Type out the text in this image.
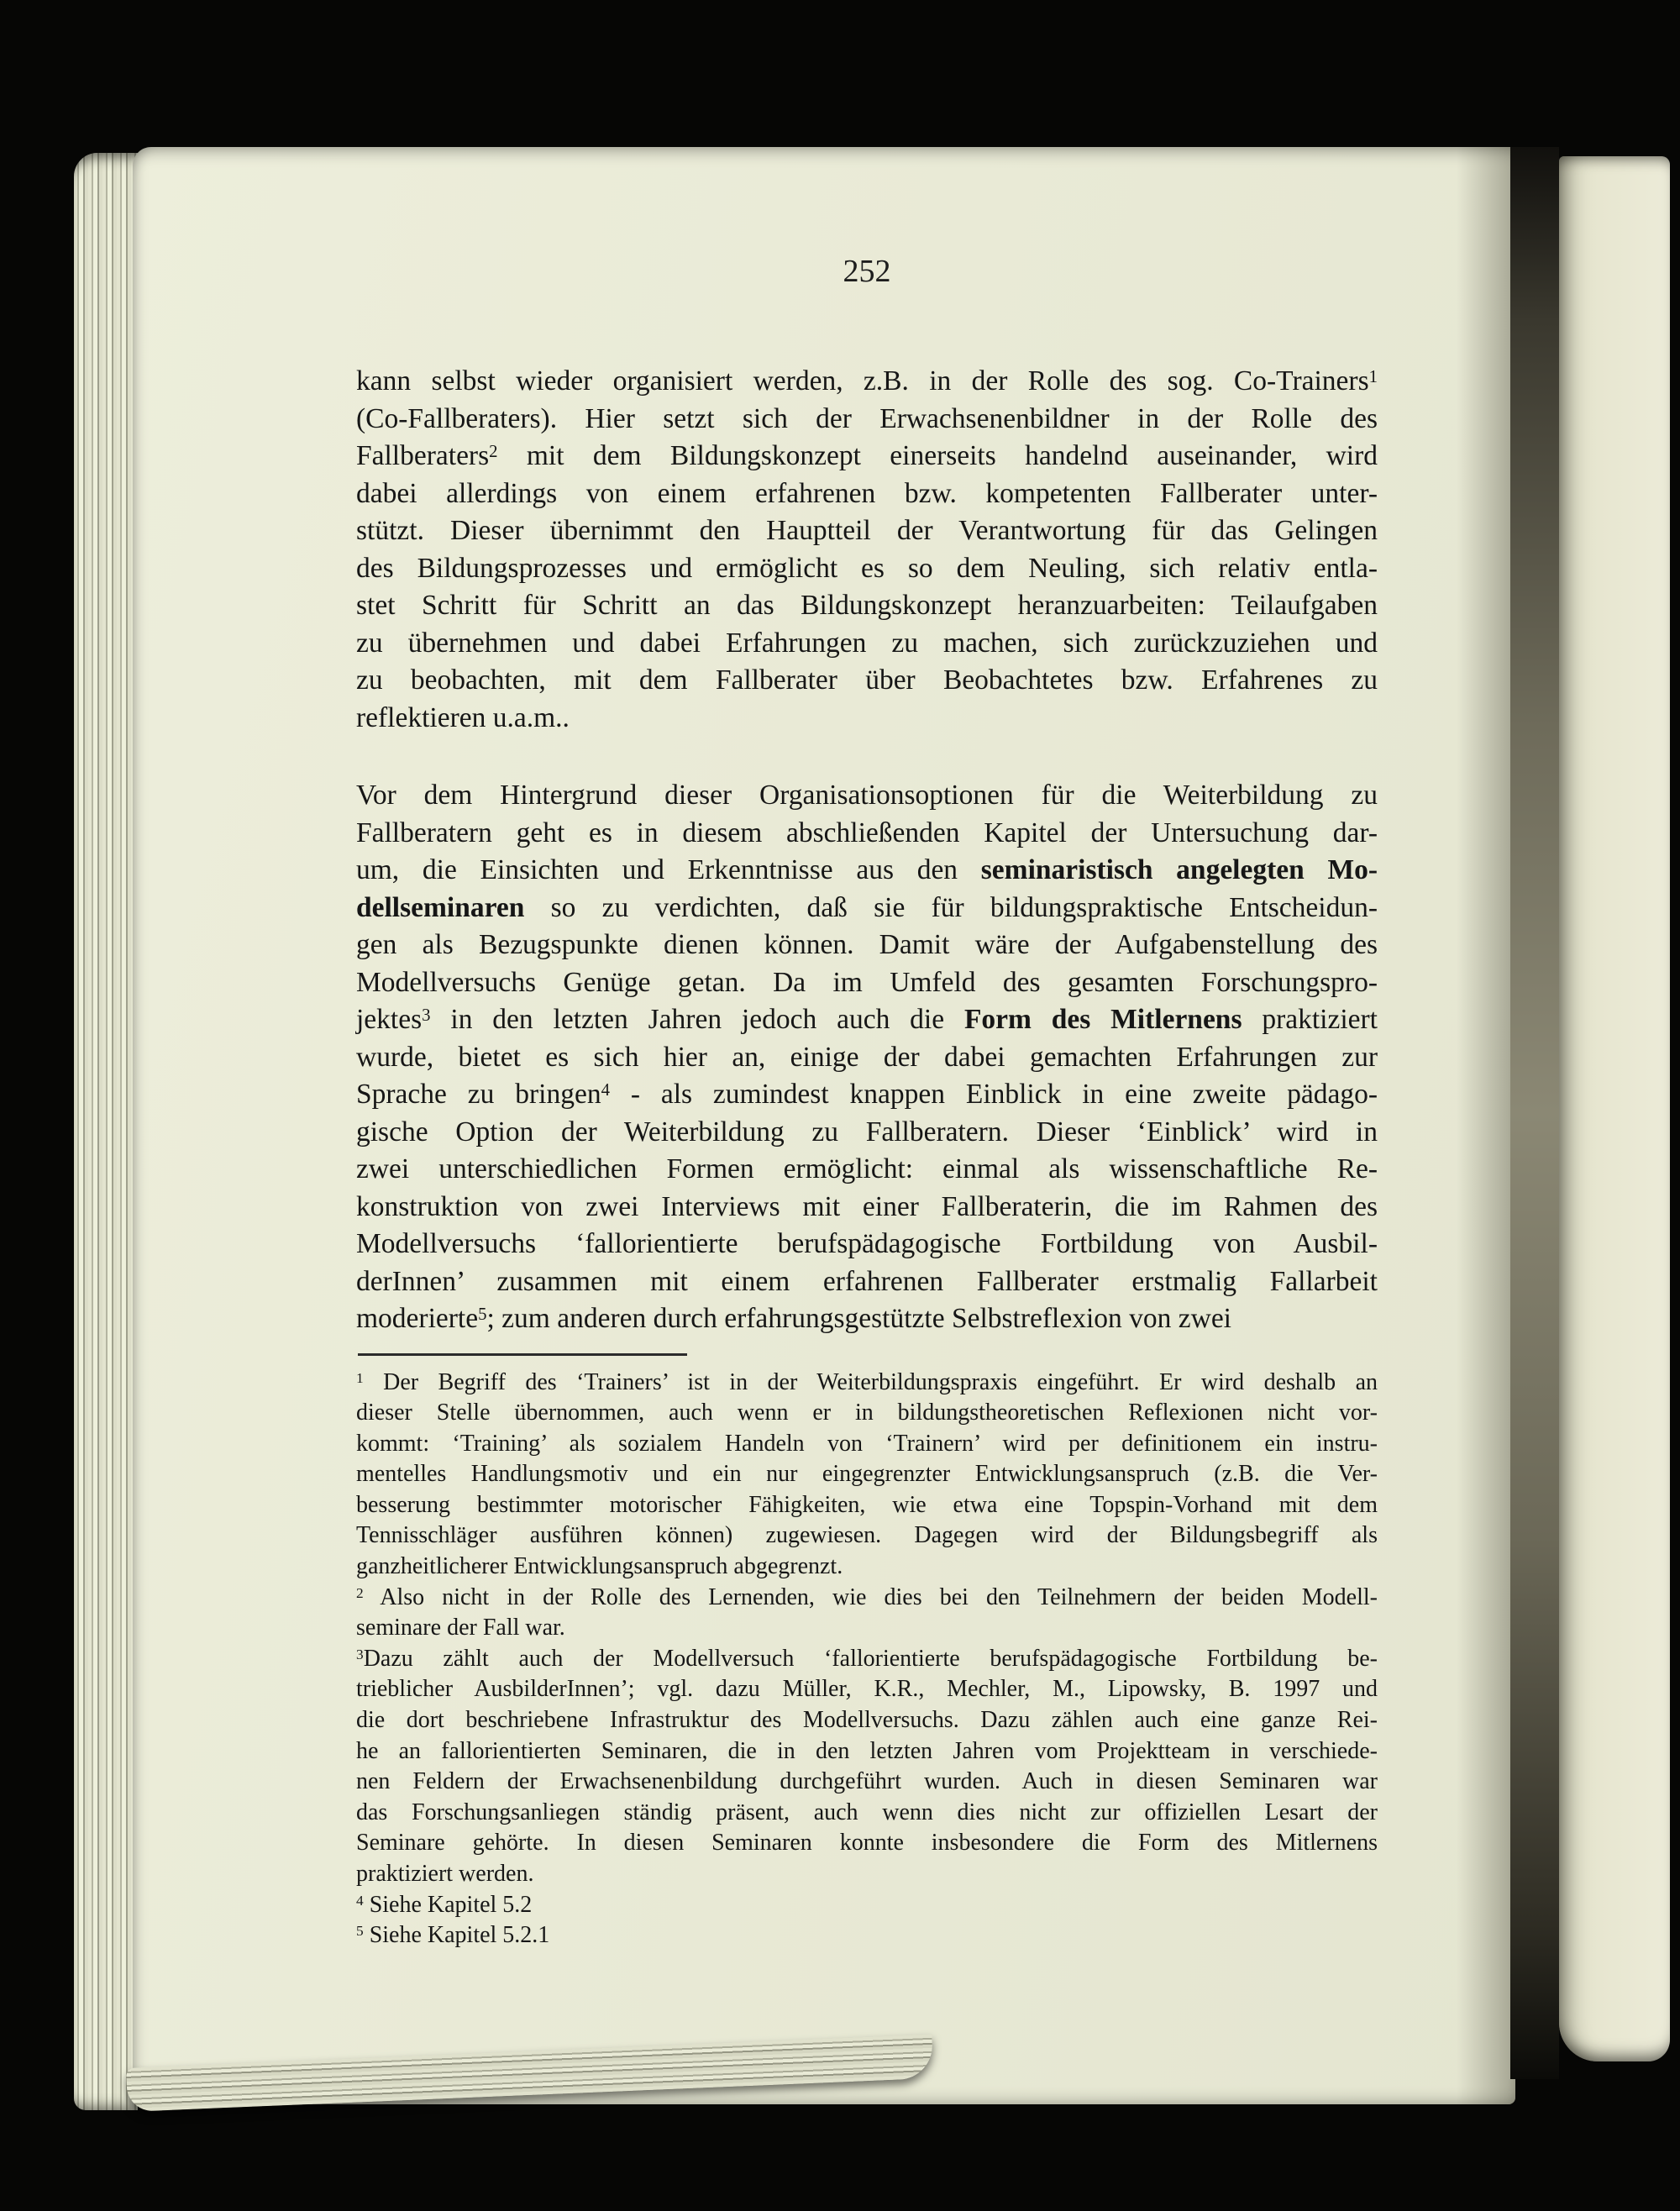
252
kann selbst wieder organisiert werden, z.B. in der Rolle des sog. Co-Trainers$^1$
(Co-Fallberaters). Hier setzt sich der Erwachsenenbildner in der Rolle des
Fallberaters$^2$ mit dem Bildungskonzept einerseits handelnd auseinander, wird
dabei allerdings von einem erfahrenen bzw. kompetenten Fallberater unter-
stützt. Dieser übernimmt den Hauptteil der Verantwortung für das Gelingen
des Bildungsprozesses und ermöglicht es so dem Neuling, sich relativ entla-
stet Schritt für Schritt an das Bildungskonzept heranzuarbeiten: Teilaufgaben
zu übernehmen und dabei Erfahrungen zu machen, sich zurückzuziehen und
zu beobachten, mit dem Fallberater über Beobachtetes bzw. Erfahrenes zu
reflektieren u.a.m..
Vor dem Hintergrund dieser Organisationsoptionen für die Weiterbildung zu
Fallberatern geht es in diesem abschließenden Kapitel der Untersuchung dar-
um, die Einsichten und Erkenntnisse aus den seminaristisch angelegten Mo-
dellseminaren so zu verdichten, daß sie für bildungspraktische Entscheidun-
gen als Bezugspunkte dienen können. Damit wäre der Aufgabenstellung des
Modellversuchs Genüge getan. Da im Umfeld des gesamten Forschungspro-
jektes$^3$ in den letzten Jahren jedoch auch die Form des Mitlernens praktiziert
wurde, bietet es sich hier an, einige der dabei gemachten Erfahrungen zur
Sprache zu bringen$^4$ - als zumindest knappen Einblick in eine zweite pädago-
gische Option der Weiterbildung zu Fallberatern. Dieser ‘Einblick’ wird in
zwei unterschiedlichen Formen ermöglicht: einmal als wissenschaftliche Re-
konstruktion von zwei Interviews mit einer Fallberaterin, die im Rahmen des
Modellversuchs ‘fallorientierte berufspädagogische Fortbildung von Ausbil-
derInnen’ zusammen mit einem erfahrenen Fallberater erstmalig Fallarbeit
moderierte$^5$; zum anderen durch erfahrungsgestützte Selbstreflexion von zwei
$^1$ Der Begriff des ‘Trainers’ ist in der Weiterbildungspraxis eingeführt. Er wird deshalb an
dieser Stelle übernommen, auch wenn er in bildungstheoretischen Reflexionen nicht vor-
kommt: ‘Training’ als sozialem Handeln von ‘Trainern’ wird per definitionem ein instru-
mentelles Handlungsmotiv und ein nur eingegrenzter Entwicklungsanspruch (z.B. die Ver-
besserung bestimmter motorischer Fähigkeiten, wie etwa eine Topspin-Vorhand mit dem
Tennisschläger ausführen können) zugewiesen. Dagegen wird der Bildungsbegriff als
ganzheitlicherer Entwicklungsanspruch abgegrenzt.
$^2$ Also nicht in der Rolle des Lernenden, wie dies bei den Teilnehmern der beiden Modell-
seminare der Fall war.
$^3$Dazu zählt auch der Modellversuch ‘fallorientierte berufspädagogische Fortbildung be-
trieblicher AusbilderInnen’; vgl. dazu Müller, K.R., Mechler, M., Lipowsky, B. 1997 und
die dort beschriebene Infrastruktur des Modellversuchs. Dazu zählen auch eine ganze Rei-
he an fallorientierten Seminaren, die in den letzten Jahren vom Projektteam in verschiede-
nen Feldern der Erwachsenenbildung durchgeführt wurden. Auch in diesen Seminaren war
das Forschungsanliegen ständig präsent, auch wenn dies nicht zur offiziellen Lesart der
Seminare gehörte. In diesen Seminaren konnte insbesondere die Form des Mitlernens
praktiziert werden.
$^4$ Siehe Kapitel 5.2
$^5$ Siehe Kapitel 5.2.1
